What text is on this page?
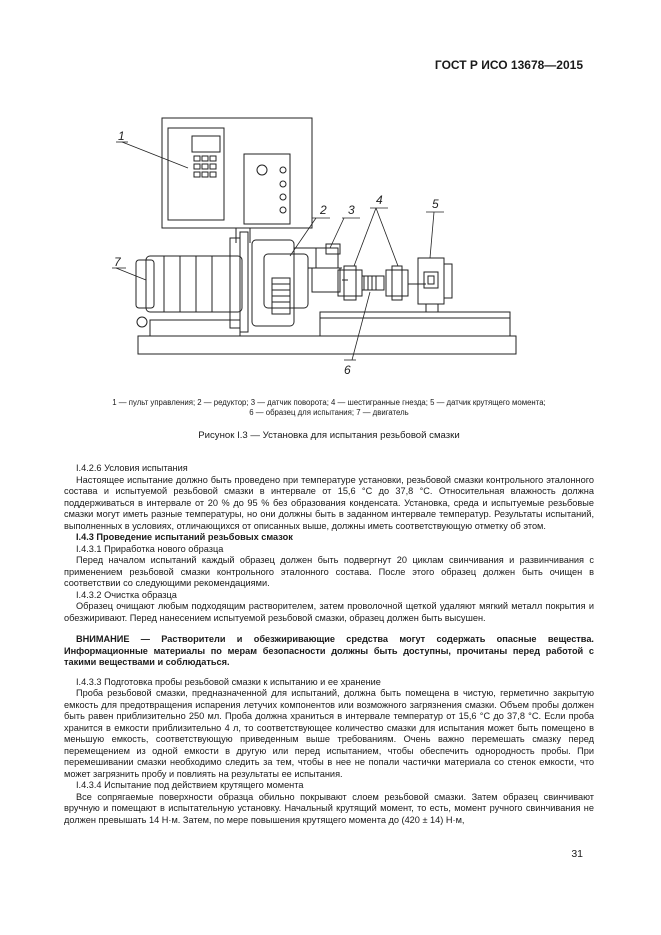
ГОСТ Р ИСО 13678—2015
1
2 3
4	5
6
7
1 — пульт управления; 2 — редуктор; 3 — датчик поворота; 4 — шестигранные гнезда; 5 — датчик крутящего момента;
6 — образец для испытания; 7 — двигатель
Рисунок I.3 — Установка для испытания резьбовой смазки

I.4.2.6 Условия испытания

Настоящее испытание должно быть проведено при температуре установки, резьбовой смазки контрольного эталонного состава и испытуемой резьбовой смазки в интервале от 15,6 °С до 37,8 °С. Относительная влажность должна поддерживаться в интервале от 20 % до 95 % без образования конденсата. Установка, среда и испытуемые резьбовые смазки могут иметь разные температуры, но они должны быть в заданном интервале температур. Результаты испытаний, выполненных в условиях, отличающихся от описанных выше, должны иметь соответствующую отметку об этом.

I.4.3 Проведение испытаний резьбовых смазок

I.4.3.1 Приработка нового образца

Перед началом испытаний каждый образец должен быть подвергнут 20 циклам свинчивания и развинчивания с применением резьбовой смазки контрольного эталонного состава. После этого образец должен быть очищен в соответствии со следующими рекомендациями.

I.4.3.2 Очистка образца

Образец очищают любым подходящим растворителем, затем проволочной щеткой удаляют мягкий металл покрытия и обезжиривают. Перед нанесением испытуемой резьбовой смазки, образец должен быть высушен.

ВНИМАНИЕ — Растворители и обезжиривающие средства могут содержать опасные вещества. Информационные материалы по мерам безопасности должны быть доступны, прочитаны перед работой с такими веществами и соблюдаться.

I.4.3.3 Подготовка пробы резьбовой смазки к испытанию и ее хранение

Проба резьбовой смазки, предназначенной для испытаний, должна быть помещена в чистую, герметично закрытую емкость для предотвращения испарения летучих компонентов или возможного загрязнения смазки. Объем пробы должен быть равен приблизительно 250 мл. Проба должна храниться в интервале температур от 15,6 °С до 37,8 °С. Если проба хранится в емкости приблизительно 4 л, то соответствующее количество смазки для испытания может быть помещено в меньшую емкость, соответствующую приведенным выше требованиям. Очень важно перемешать смазку перед перемещением из одной емкости в другую или перед испытанием, чтобы обеспечить однородность пробы. При перемешивании смазки необходимо следить за тем, чтобы в нее не попали частички материала со стенок емкости, что может загрязнить пробу и повлиять на результаты ее испытания.

I.4.3.4 Испытание под действием крутящего момента

Все сопрягаемые поверхности образца обильно покрывают слоем резьбовой смазки. Затем образец свинчивают вручную и помещают в испытательную установку. Начальный крутящий момент, то есть, момент ручного свинчивания не должен превышать 14 Н·м. Затем, по мере повышения крутящего момента до (420 ± 14) Н·м,

31
